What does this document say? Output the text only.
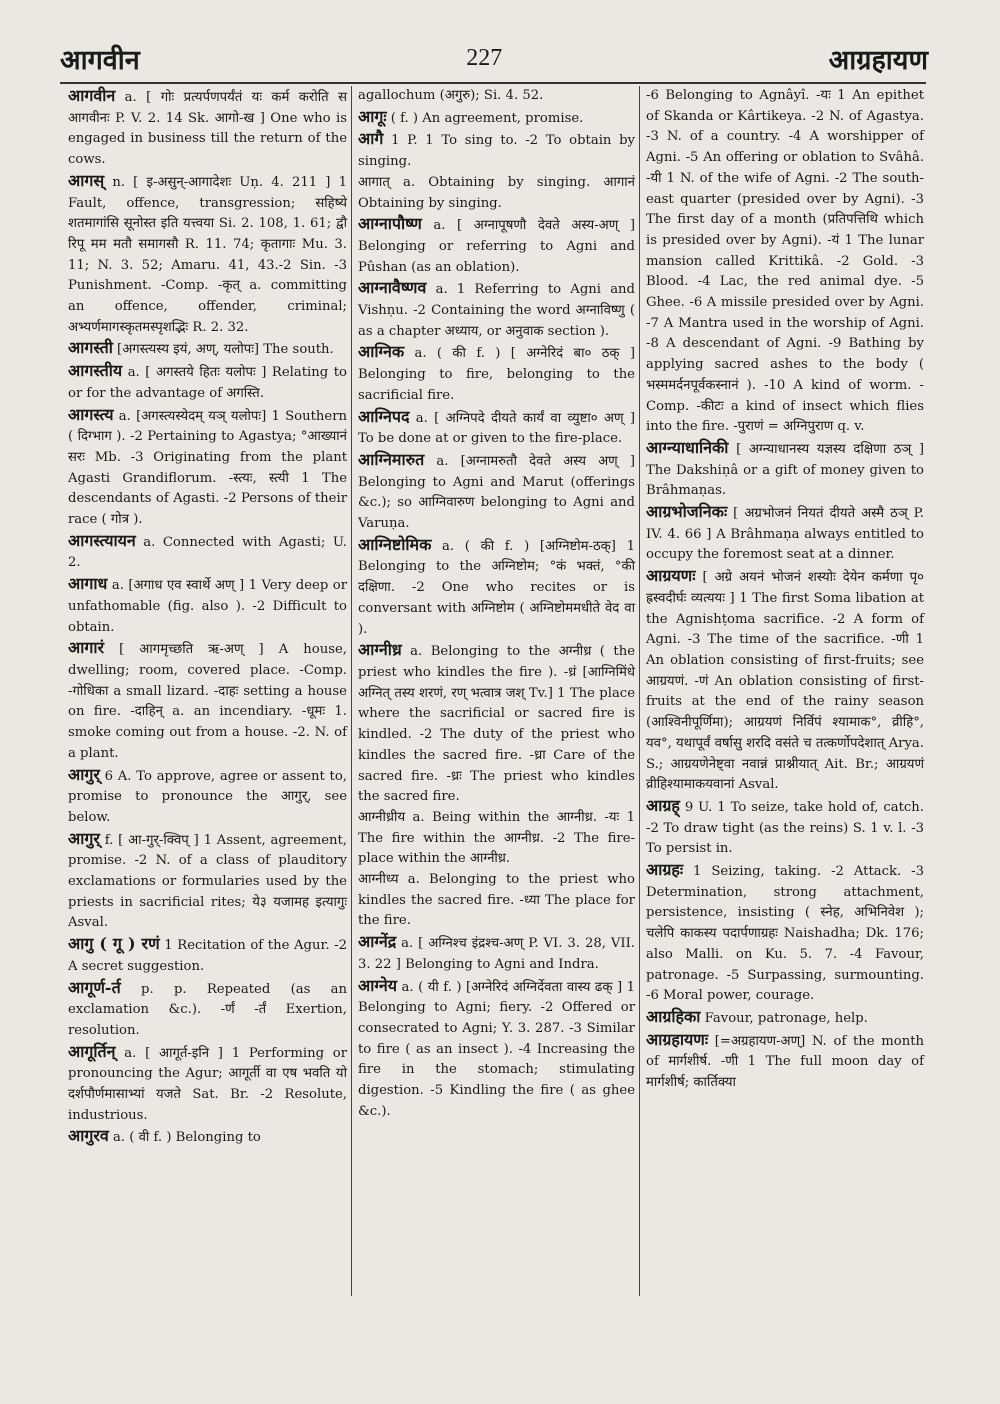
आगवीन	227	आग्रहायण

आगवीन a. [ गोः प्रत्यर्पणपर्यंतं यः कर्म करोति स आगवीनः P. V. 2. 14 Sk. आगो-ख ] One who is engaged in business till the return of the cows.

आगस् n. [ इ-असुन्-आगादेशः Uṇ. 4. 211 ] 1 Fault, offence, transgression; सहिष्ये शतमागांसि सूनोस्त इति यत्त्वया Si. 2. 108, 1. 61; द्वौ रिपू मम मतौ समागसौ R. 11. 74; कृतागाः Mu. 3. 11; N. 3. 52; Amaru. 41, 43.-2 Sin. -3 Punishment. -Comp. -कृत् a. committing an offence, offender, criminal; अभ्यर्णमागस्कृतमस्पृशद्भिः R. 2. 32.

आगस्ती [अगस्त्यस्य इयं, अण्, यलोपः] The south.

आगस्तीय a. [ अगस्तये हितः यलोपः ] Relating to or for the advantage of अगस्ति.

आगस्त्य a. [अगस्त्यस्येदम् यञ् यलोपः] 1 Southern ( दिग्भाग ). -2 Pertaining to Agastya; °आख्यानं सरः Mb. -3 Originating from the plant Agasti Grandiflorum. -स्त्यः, स्त्यी 1 The descendants of Agasti. -2 Persons of their race ( गोत्र ).

आगस्त्यायन a. Connected with Agasti; U. 2.

आगाध a. [अगाध एव स्वार्थे अण् ] 1 Very deep or unfathomable (fig. also ). -2 Difficult to obtain.

आगारं [ आगमृच्छति ऋ-अण् ] A house, dwelling; room, covered place. -Comp. -गोधिका a small lizard. -दाहः setting a house on fire. -दाहिन् a. an incendiary. -धूमः 1. smoke coming out from a house. -2. N. of a plant.

आगुर् 6 A. To approve, agree or assent to, promise to pronounce the आगुर्, see below.

आगुर् f. [ आ-गुर्-क्विप् ] 1 Assent, agreement, promise. -2 N. of a class of plauditory exclamations or formularies used by the priests in sacrificial rites; ये३ यजामह इत्यागुः Asval.

आगु ( गू ) रणं 1 Recitation of the Agur. -2 A secret suggestion.

आगूर्ण-र्त p. p. Repeated (as an exclamation &c.). -र्णं -र्तं Exertion, resolution.

आगूर्तिन् a. [ आगूर्त-इनि ] 1 Performing or pronouncing the Agur; आगूर्ती वा एष भवति यो दर्शपौर्णमासाभ्यां यजते Sat. Br. -2 Resolute, industrious.

आगुरव a. ( वी f. ) Belonging to

agallochum (अगुरु); Si. 4. 52.

आगूः ( f. ) An agreement, promise.

आगै 1 P. 1 To sing to. -2 To obtain by singing.

आगात् a. Obtaining by singing. आगानं Obtaining by singing.

आग्नापौष्ण a. [ अग्नापूषणौ देवते अस्य-अण् ] Belonging or referring to Agni and Pûshan (as an oblation).

आग्नावैष्णव a. 1 Referring to Agni and Vishṇu. -2 Containing the word अग्नाविष्णु ( as a chapter अध्याय, or अनुवाक section ).

आग्निक a. ( की f. ) [ अग्नेरिदं बा० ठक् ] Belonging to fire, belonging to the sacrificial fire.

आग्निपद a. [ अग्निपदे दीयते कार्यं वा व्युष्टा० अण् ] To be done at or given to the fire-place.

आग्निमारुत a. [अग्नामरुतौ देवते अस्य अण् ] Belonging to Agni and Marut (offerings &c.); so आग्निवारुण belonging to Agni and Varuṇa.

आग्निष्टोमिक a. ( की f. ) [अग्निष्टोम-ठक्] 1 Belonging to the अग्निष्टोम; °कं भक्तं, °की दक्षिणा. -2 One who recites or is conversant with अग्निष्टोम ( अग्निष्टोममधीते वेद वा ).

आग्नीध्र a. Belonging to the अग्नीध्र ( the priest who kindles the fire ). -ध्रं [आग्निमिंधे अग्नित् तस्य शरणं, रण् भत्वात्र जश् Tv.] 1 The place where the sacrificial or sacred fire is kindled. -2 The duty of the priest who kindles the sacred fire. -ध्रा Care of the sacred fire. -ध्रः The priest who kindles the sacred fire.

आग्नीध्रीय a. Being within the आग्नीध्र. -यः 1 The fire within the आग्नीध्र. -2 The fire-place within the आग्नीध्र.

आग्नीध्य a. Belonging to the priest who kindles the sacred fire. -ध्या The place for the fire.

आग्नेंद्र a. [ अग्निश्च इंद्रश्च-अण् P. VI. 3. 28, VII. 3. 22 ] Belonging to Agni and Indra.

आग्नेय a. ( यी f. ) [अग्नेरिदं अग्निर्देवता वास्य ढक् ] 1 Belonging to Agni; fiery. -2 Offered or consecrated to Agni; Y. 3. 287. -3 Similar to fire ( as an insect ). -4 Increasing the fire in the stomach; stimulating digestion. -5 Kindling the fire ( as ghee &c.).

-6 Belonging to Agnâyî. -यः 1 An epithet of Skanda or Kârtikeya. -2 N. of Agastya. -3 N. of a country. -4 A worshipper of Agni. -5 An offering or oblation to Svâhâ. -यी 1 N. of the wife of Agni. -2 The south-east quarter (presided over by Agni). -3 The first day of a month (प्रतिपत्तिथि which is presided over by Agni). -यं 1 The lunar mansion called Krittikâ. -2 Gold. -3 Blood. -4 Lac, the red animal dye. -5 Ghee. -6 A missile presided over by Agni. -7 A Mantra used in the worship of Agni. -8 A descendant of Agni. -9 Bathing by applying sacred ashes to the body ( भस्ममर्दनपूर्वकस्नानं ). -10 A kind of worm. -Comp. -कीटः a kind of insect which flies into the fire. -पुराणं = अग्निपुराण q. v.

आग्न्याधानिकी [ अग्न्याधानस्य यज्ञस्य दक्षिणा ठञ् ] The Dakshiṇâ or a gift of money given to Brâhmaṇas.

आग्रभोजनिकः [ अग्रभोजनं नियतं दीयते अस्मै ठञ् P. IV. 4. 66 ] A Brâhmaṇa always entitled to occupy the foremost seat at a dinner.

आग्रयणः [ अग्रे अयनं भोजनं शस्योः देयेन कर्मणा पृ० ह्रस्वदीर्घः व्यत्ययः ] 1 The first Soma libation at the Agnishṭoma sacrifice. -2 A form of Agni. -3 The time of the sacrifice. -णी 1 An oblation consisting of first-fruits; see आग्रयणं. -णं An oblation consisting of first-fruits at the end of the rainy season (आश्विनीपूर्णिमा); आग्रयणं निर्विपं श्यामाक°, व्रीहि°, यव°, यथापूर्वं वर्षासु शरदि वसंते च तत्कर्णोपदेशात् Arya. S.; आग्रयणेनेष्ट्वा नवान्नं प्राश्नीयात् Ait. Br.; आग्रयणं व्रीहिश्यामाकयवानां Asval.

आग्रह् 9 U. 1 To seize, take hold of, catch. -2 To draw tight (as the reins) S. 1 v. l. -3 To persist in.

आग्रहः 1 Seizing, taking. -2 Attack. -3 Determination, strong attachment, persistence, insisting ( स्नेह, अभिनिवेश ); चलेपि काकस्य पदार्पणाग्रहः Naishadha; Dk. 176; also Malli. on Ku. 5. 7. -4 Favour, patronage. -5 Surpassing, surmounting. -6 Moral power, courage.

आग्रहिका Favour, patronage, help.

आग्रहायणः [=अग्रहायण-अण्] N. of the month of मार्गशीर्ष. -णी 1 The full moon day of मार्गशीर्ष; कार्तिक्या
